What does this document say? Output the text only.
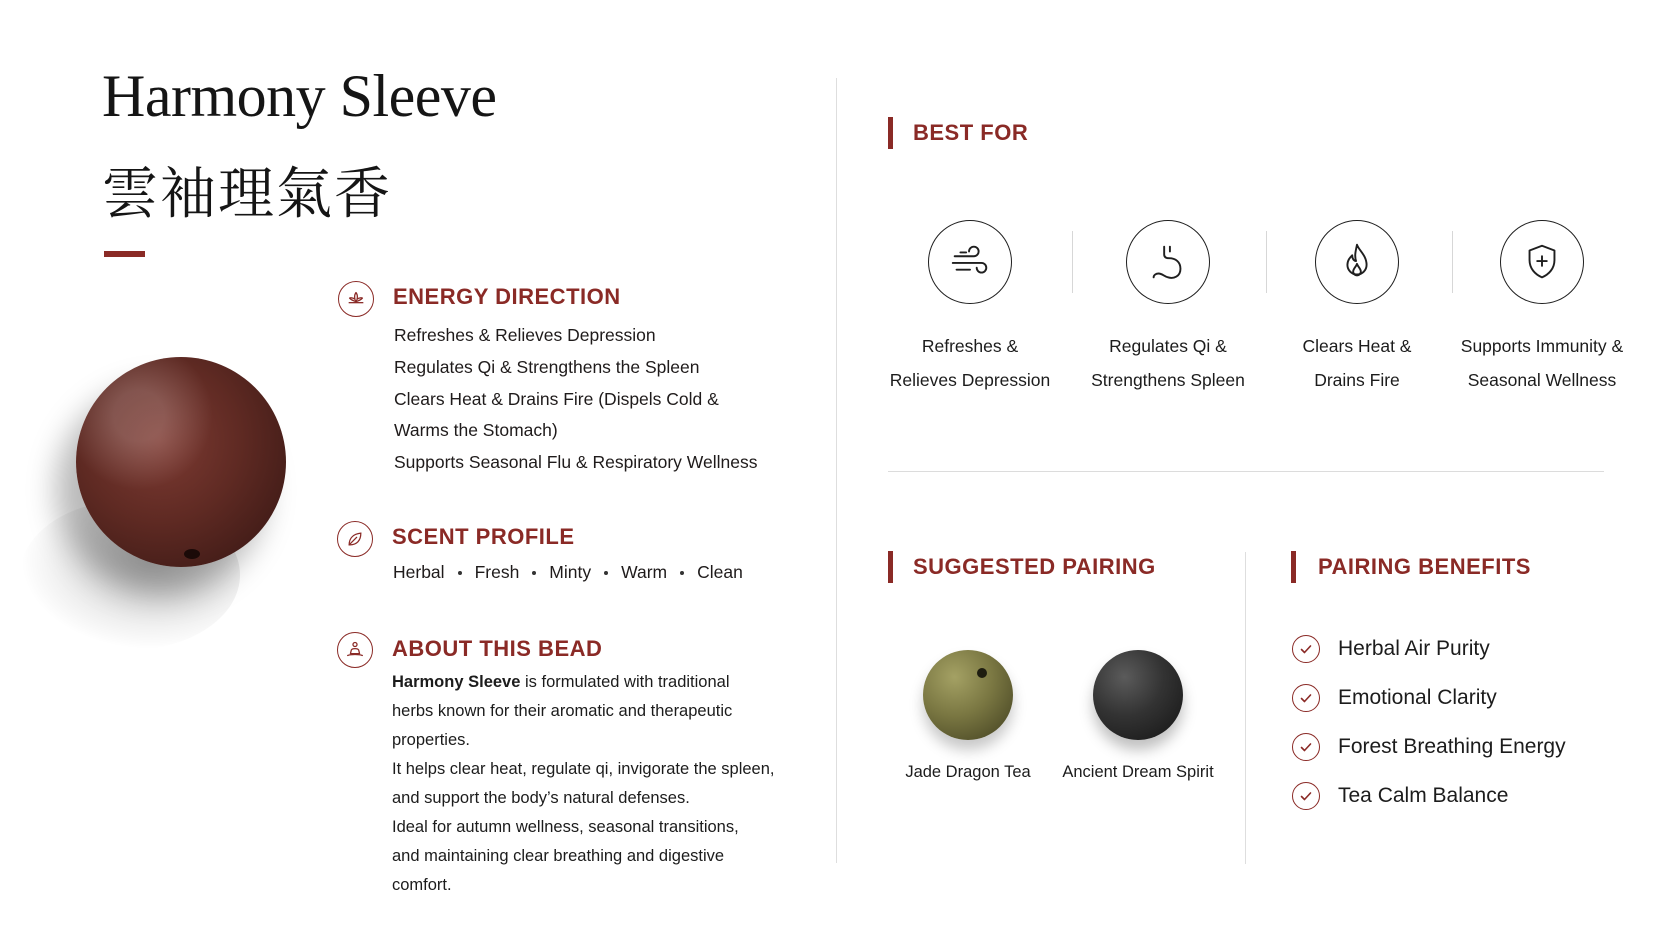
Harmony Sleeve
雲袖理氣香
ENERGY DIRECTION
Refreshes & Relieves Depression
Regulates Qi & Strengthens the Spleen
Clears Heat & Drains Fire (Dispels Cold &
Warms the Stomach)
Supports Seasonal Flu & Respiratory Wellness
SCENT PROFILE
Herbal Fresh Minty Warm Clean
ABOUT THIS BEAD
Harmony Sleeve is formulated with traditional
herbs known for their aromatic and therapeutic
properties.
It helps clear heat, regulate qi, invigorate the spleen,
and support the body’s natural defenses.
Ideal for autumn wellness, seasonal transitions,
and maintaining clear breathing and digestive
comfort.
BEST FOR
Refreshes &
Relieves Depression
Regulates Qi &
Strengthens Spleen
Clears Heat &
Drains Fire
Supports Immunity &
Seasonal Wellness
SUGGESTED PAIRING
Jade Dragon Tea	Ancient Dream Spirit
PAIRING BENEFITS
Herbal Air Purity
Emotional Clarity
Forest Breathing Energy
Tea Calm Balance
